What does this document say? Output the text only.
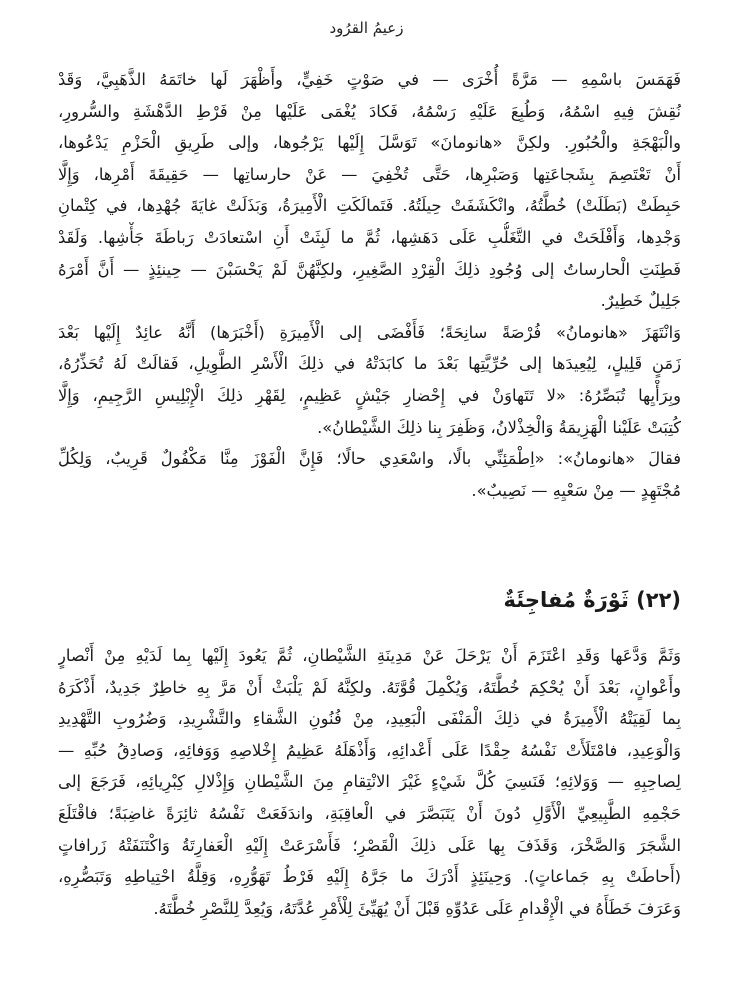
زعيمُ القرُود
فَهَمَسَ باسْمِهِ — مَرَّةً أُخْرَى — في صَوْتٍ خَفِيٍّ، وأَظْهَرَ لَها خاتَمَهُ الذَّهَبِيَّ، وَقَدْ
نُقِشَ فِيهِ اسْمُهُ، وَطُبِعَ عَلَيْهِ رَسْمُهُ، فَكادَ يُغْمَى عَلَيْها مِنْ فَرْطِ الدَّهْشَةِ والسُّرورِ،
والْبَهْجَةِ والْحُبُورِ. ولكِنَّ «هانومانَ» تَوَسَّلَ إِلَيْها يَرْجُوها، وإلى طَرِيقِ الْحَزْمِ يَدْعُوها،
أَنْ تَعْتَصِمَ بِشَجاعَتِها وَصَبْرِها، حَتَّى تُخْفِيَ — عَنْ حارساتِها — حَقِيقَةَ أَمْرِها، وَإِلَّا
حَبِطَتْ (بَطَلَتْ) خُطَّتُهُ، وانْكَشَفَتْ حِيلَتُهُ. فَتَمالَكَتِ الْأَمِيرَةُ، وَبَذَلَتْ غايَةَ جُهْدِها، في كِتْمانِ
وَجْدِها، وَأَفْلَحَتْ في التَّغَلُّبِ عَلَى دَهَشِها، ثُمَّ ما لَبِثَتْ أَنِ اسْتعادَتْ رَباطَةَ جَأْشِها. وَلَقَدْ
فَطِنَتِ الْحارساتُ إلى وُجُودِ ذلِكَ الْقِرْدِ الصَّغِيرِ، ولكِنَّهُنَّ لَمْ يَحْسَبْنَ — حِينئِذٍ — أَنَّ أَمْرَهُ
جَلِيلٌ خَطِيرٌ.
وَانْتَهَزَ «هانومانُ» فُرْصَةً سانِحَةً؛ فَأَفْضَى إلى الْأَمِيرَةِ (أَخْبَرَها) أَنَّهُ عائِدٌ إِلَيْها بَعْدَ
زَمَنٍ قَلِيلٍ، لِيُعِيدَها إلى حُرِّيَّتِها بَعْدَ ما كابَدَتْهُ في ذلِكَ الْأَسْرِ الطَّوِيلِ، فَقالَتْ لَهُ تُحَذِّرُهُ،
وبِرَأْيِها تُبَصِّرُهُ: «لا تَتَهاوَنْ في إِحْضارِ جَيْشٍ عَظِيمٍ، لِقَهْرِ ذلِكَ الْإِبْلِيسِ الرَّجِيمِ، وَإِلَّا
كُتِبَتْ عَلَيْنا الْهَزِيمَةُ وَالْخِذْلانُ، وَظَفِرَ بِنا ذلِكَ الشَّيْطانُ».
فقالَ «هانومانُ»: «اِطْمَئِنِّي بالًا، واسْعَدِي حالًا؛ فَإِنَّ الْفَوْزَ مِنَّا مَكْفُولٌ قَرِيبٌ، وَلِكُلِّ
مُجْتَهِدٍ — مِنْ سَعْيِهِ — نَصِيبٌ».
(٢٢) ثَوْرَةٌ مُفاجِئَةٌ
وَثَمَّ وَدَّعَها وَقَدِ اعْتَزَمَ أَنْ يَرْحَلَ عَنْ مَدِينَةِ الشَّيْطانِ، ثُمَّ يَعُودَ إِلَيْها بِما لَدَيْهِ مِنْ أَنْصارٍ
وأَعْوانٍ، بَعْدَ أَنْ يُحْكِمَ خُطَّتَهُ، وَيُكْمِلَ قُوَّتَهُ. ولكِنَّهُ لَمْ يَلْبَثْ أَنْ مَرَّ بِهِ خاطِرٌ جَدِيدٌ، أَذْكَرَهُ
بِما لَقِيَتْهُ الْأَمِيرَةُ في ذلِكَ الْمَنْفَى الْبَعِيدِ، مِنْ فُنُونِ الشَّقاءِ والتَّشْرِيدِ، وَضُرُوبِ التَّهْدِيدِ
وَالْوَعِيدِ، فامْتَلَأَتْ نَفْسُهُ حِقْدًا عَلَى أَعْدائِهِ، وَأَذْهَلَهُ عَظِيمُ إِخْلاصِهِ وَوَفائِهِ، وَصادِقُ حُبِّهِ —
لِصاحِبِهِ — وَوَلائِهِ؛ فَنَسِيَ كُلَّ شَيْءٍ غَيْرَ الانْتِقامِ مِنَ الشَّيْطانِ وَإِذْلالِ كِبْرِيائِهِ، فَرَجَعَ إلى
حَجْمِهِ الطَّبِيعِيِّ الْأَوَّلِ دُونَ أَنْ يَتَبَصَّرَ في الْعاقِبَةِ، واندَفَعَتْ نَفْسُهُ ثائِرَةً غاضِبَةً؛ فاقْتَلَعَ
الشَّجَرَ وَالصَّخْرَ، وَقَذَفَ بِها عَلَى ذلِكَ الْقَصْرِ؛ فَأَسْرَعَتْ إِلَيْهِ الْعَفارِتَةُ وَاكْتَنَفَتْهُ زَرافاتٍ
(أَحاطَتْ بِهِ جَماعاتٍ). وَحِينَئِذٍ أَدْرَكَ ما جَرَّهُ إِلَيْهِ فَرْطُ تَهَوُّرِهِ، وَقِلَّةُ احْتِياطِهِ وَتَبَصُّرِهِ،
وَعَرَفَ خَطَأَهُ في الْإِقْدامِ عَلَى عَدُوِّهِ قَبْلَ أَنْ يُهَيِّئَ لِلْأَمْرِ عُدَّتَهُ، وَيُعِدَّ لِلنَّصْرِ خُطَّتَهُ.
